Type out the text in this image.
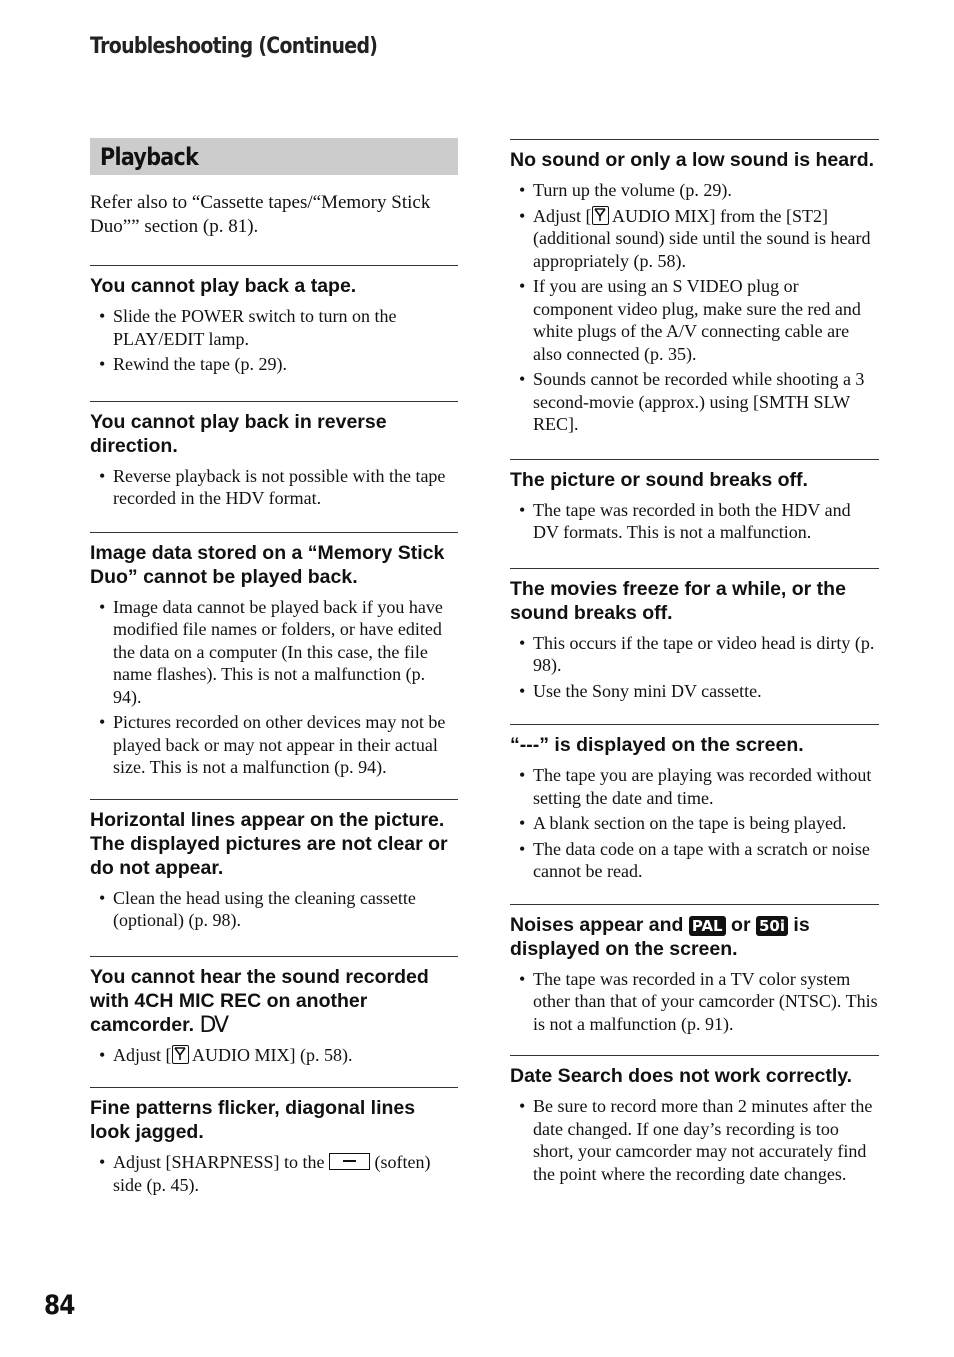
Troubleshooting (Continued)
Playback

Refer also to “Cassette tapes/“Memory Stick Duo”” section (p. 81).

You cannot play back a tape.
• Slide the POWER switch to turn on the PLAY/EDIT lamp.
• Rewind the tape (p. 29).
You cannot play back in reverse direction.
• Reverse playback is not possible with the tape recorded in the HDV format.
Image data stored on a “Memory Stick Duo” cannot be played back.
• Image data cannot be played back if you have modified file names or folders, or have edited the data on a computer (In this case, the file name flashes). This is not a malfunction (p. 94).
• Pictures recorded on other devices may not be played back or may not appear in their actual size. This is not a malfunction (p. 94).
Horizontal lines appear on the picture. The displayed pictures are not clear or do not appear.
• Clean the head using the cleaning cassette (optional) (p. 98).
You cannot hear the sound recorded with 4CH MIC REC on another camcorder. DV
• Adjust [
AUDIO MIX] (p. 58).
Fine patterns flicker, diagonal lines look jagged.
• Adjust [SHARPNESS] to the  (soften) side (p. 45).
No sound or only a low sound is heard.
• Turn up the volume (p. 29).
• Adjust [
AUDIO MIX] from the [ST2] (additional sound) side until the sound is heard appropriately (p. 58).
• If you are using an S VIDEO plug or component video plug, make sure the red and white plugs of the A/V connecting cable are also connected (p. 35).
• Sounds cannot be recorded while shooting a 3 second-movie (approx.) using [SMTH SLW REC].
The picture or sound breaks off.
• The tape was recorded in both the HDV and DV formats. This is not a malfunction.
The movies freeze for a while, or the sound breaks off.
• This occurs if the tape or video head is dirty (p. 98).
• Use the Sony mini DV cassette.
“---” is displayed on the screen.
• The tape you are playing was recorded without setting the date and time.
• A blank section on the tape is being played.
• The data code on a tape with a scratch or noise cannot be read.
Noises appear and PAL or 50i is displayed on the screen.
• The tape was recorded in a TV color system other than that of your camcorder (NTSC). This is not a malfunction (p. 91).
Date Search does not work correctly.
• Be sure to record more than 2 minutes after the date changed. If one day’s recording is too short, your camcorder may not accurately find the point where the recording date changes.
84
